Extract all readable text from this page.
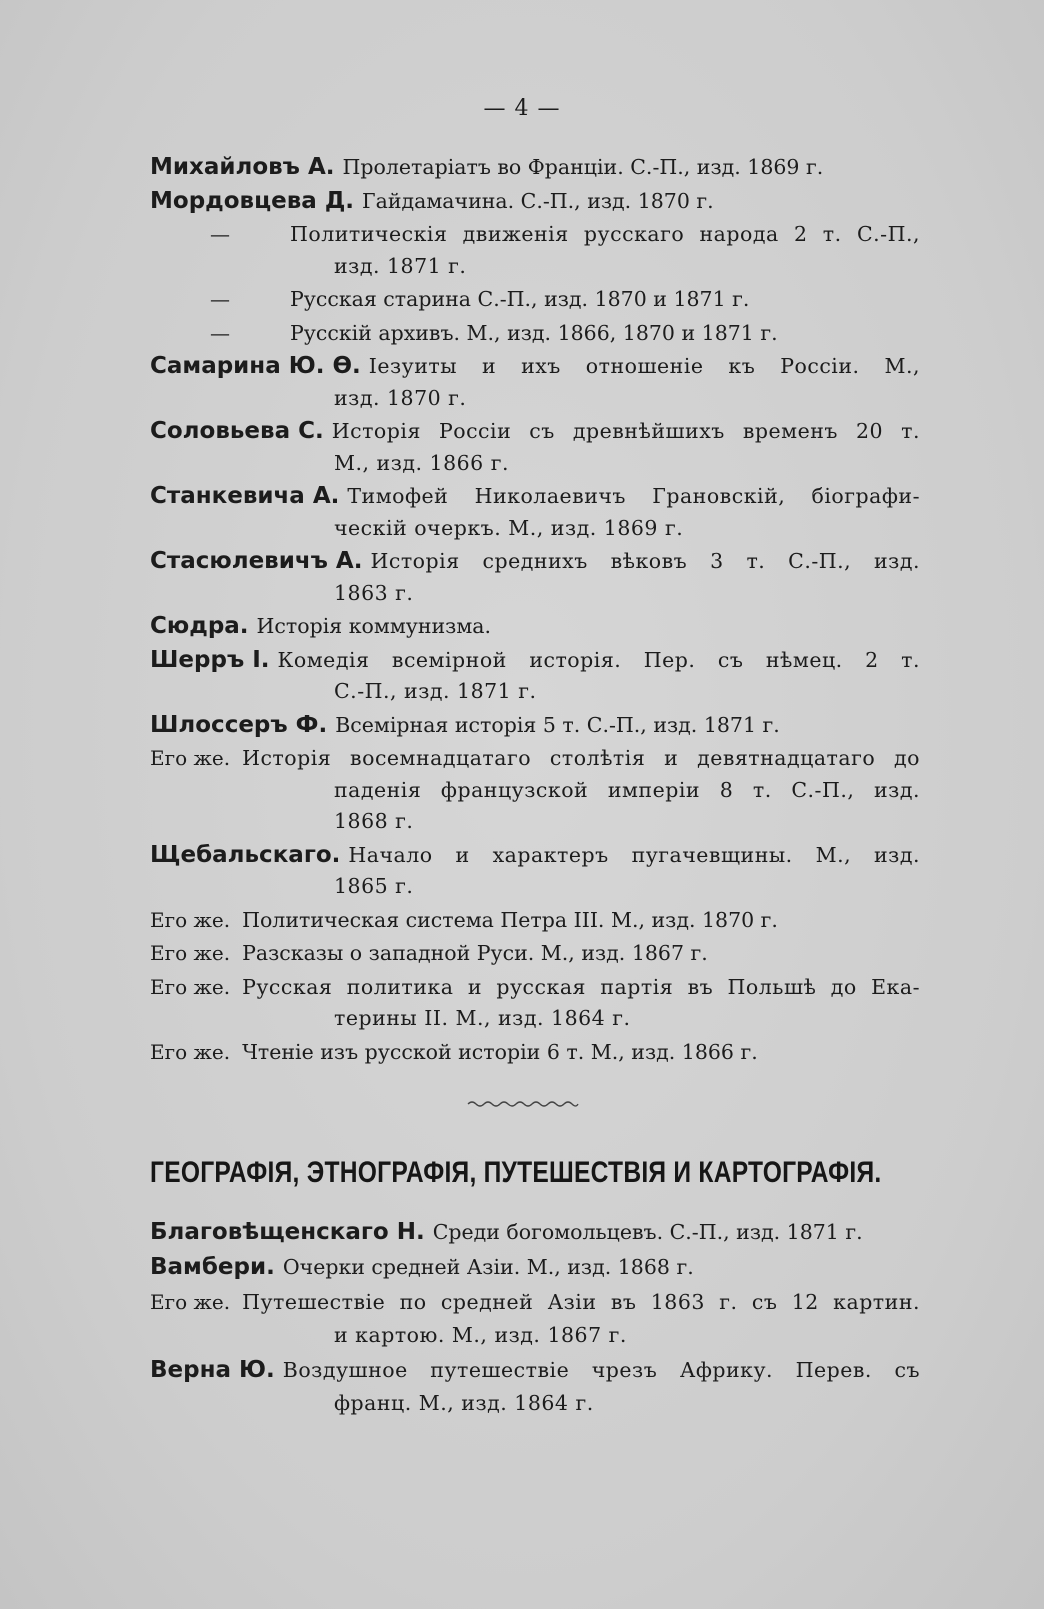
— 4 —
Михайловъ А. Пролетаріатъ во Франціи. С.-П., изд. 1869 г.
Мордовцева Д. Гайдамачина. С.-П., изд. 1870 г.
—	Политическія движенія русскаго народа 2 т. С.-П.,
изд. 1871 г.
—	Русская старина С.-П., изд. 1870 и 1871 г.
—	Русскій архивъ. М., изд. 1866, 1870 и 1871 г.
Самарина Ю. Ѳ. Іезуиты и ихъ отношеніе къ Россіи. М.,
изд. 1870 г.
Соловьева С. Исторія Россіи съ древнѣйшихъ временъ 20 т.
М., изд. 1866 г.
Станкевича А. Тимофей Николаевичъ Грановскій, біографи-
ческій очеркъ. М., изд. 1869 г.
Стасюлевичъ А. Исторія среднихъ вѣковъ 3 т. С.-П., изд.
1863 г.
Сюдра. Исторія коммунизма.
Шерръ I. Комедія всемірной исторія. Пер. съ нѣмец. 2 т.
С.-П., изд. 1871 г.
Шлоссеръ Ф. Всемірная исторія 5 т. С.-П., изд. 1871 г.
Его же. Исторія восемнадцатаго столѣтія и девятнадцатаго до
паденія французской имперіи 8 т. С.-П., изд.
1868 г.
Щебальскаго. Начало и характеръ пугачевщины. М., изд.
1865 г.
Его же. Политическая система Петра III. М., изд. 1870 г.
Его же. Разсказы о западной Руси. М., изд. 1867 г.
Его же. Русская политика и русская партія въ Польшѣ до Ека-
терины II. М., изд. 1864 г.
Его же. Чтеніе изъ русской исторіи 6 т. М., изд. 1866 г.
ГЕОГРАФІЯ, ЭТНОГРАФІЯ, ПУТЕШЕСТВІЯ И КАРТОГРАФІЯ.
Благовѣщенскаго Н. Среди богомольцевъ. С.-П., изд. 1871 г.
Вамбери. Очерки средней Азіи. М., изд. 1868 г.
Его же. Путешествіе по средней Азіи въ 1863 г. съ 12 картин.
и картою. М., изд. 1867 г.
Верна Ю. Воздушное путешествіе чрезъ Африку. Перев. съ
франц. М., изд. 1864 г.
